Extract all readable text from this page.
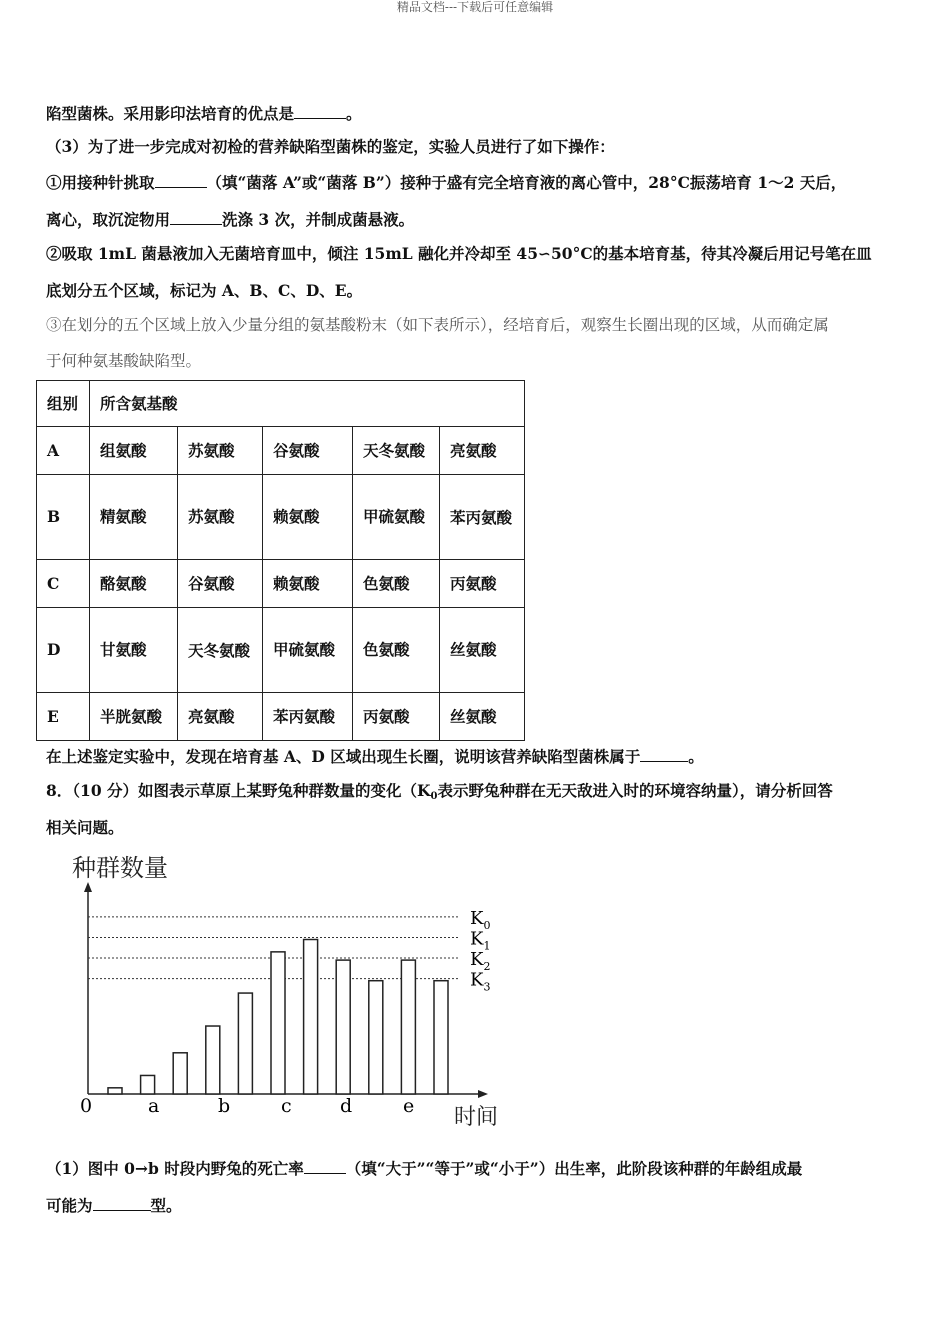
精品文档---下载后可任意编辑
陷型菌株。采用影印法培育的优点是	。
（3）为了进一步完成对初检的营养缺陷型菌株的鉴定，实验人员进行了如下操作：
①用接种针挑取	（填“菌落 A”或“菌落 B”）接种于盛有完全培育液的离心管中，28°C振荡培育 1～2 天后，
离心，取沉淀物用	洗涤 3 次，并制成菌悬液。
②吸取 1mL 菌悬液加入无菌培育皿中，倾注 15mL 融化并冷却至 45∽50°C的基本培育基，待其冷凝后用记号笔在皿
底划分五个区域，标记为 A、B、C、D、E。
③在划分的五个区域上放入少量分组的氨基酸粉末（如下表所示），经培育后，观察生长圈出现的区域，从而确定属
于何种氨基酸缺陷型。
组别	所含氨基酸				
A	组氨酸	苏氨酸	谷氨酸	天冬氨酸	亮氨酸
B	精氨酸	苏氨酸	赖氨酸	甲硫氨酸	苯丙氨酸
C	酪氨酸	谷氨酸	赖氨酸	色氨酸	丙氨酸
D	甘氨酸	天冬氨酸	甲硫氨酸	色氨酸	丝氨酸
E	半胱氨酸	亮氨酸	苯丙氨酸	丙氨酸	丝氨酸
在上述鉴定实验中，发现在培育基 A、D 区域出现生长圈，说明该营养缺陷型菌株属于	。
8．（10 分）如图表示草原上某野兔种群数量的变化（$K_0$表示野兔种群在无天敌进入时的环境容纳量），请分析回答
相关问题。
种群数量
$K_0$
$K_1$
$K_2$
$K_3$
0	a	b	c	d	e 时间
（1）图中 0→b 时段内野兔的死亡率	（填“大于”“等于”或“小于”）出生率，此阶段该种群的年龄组成最
可能为	型。
